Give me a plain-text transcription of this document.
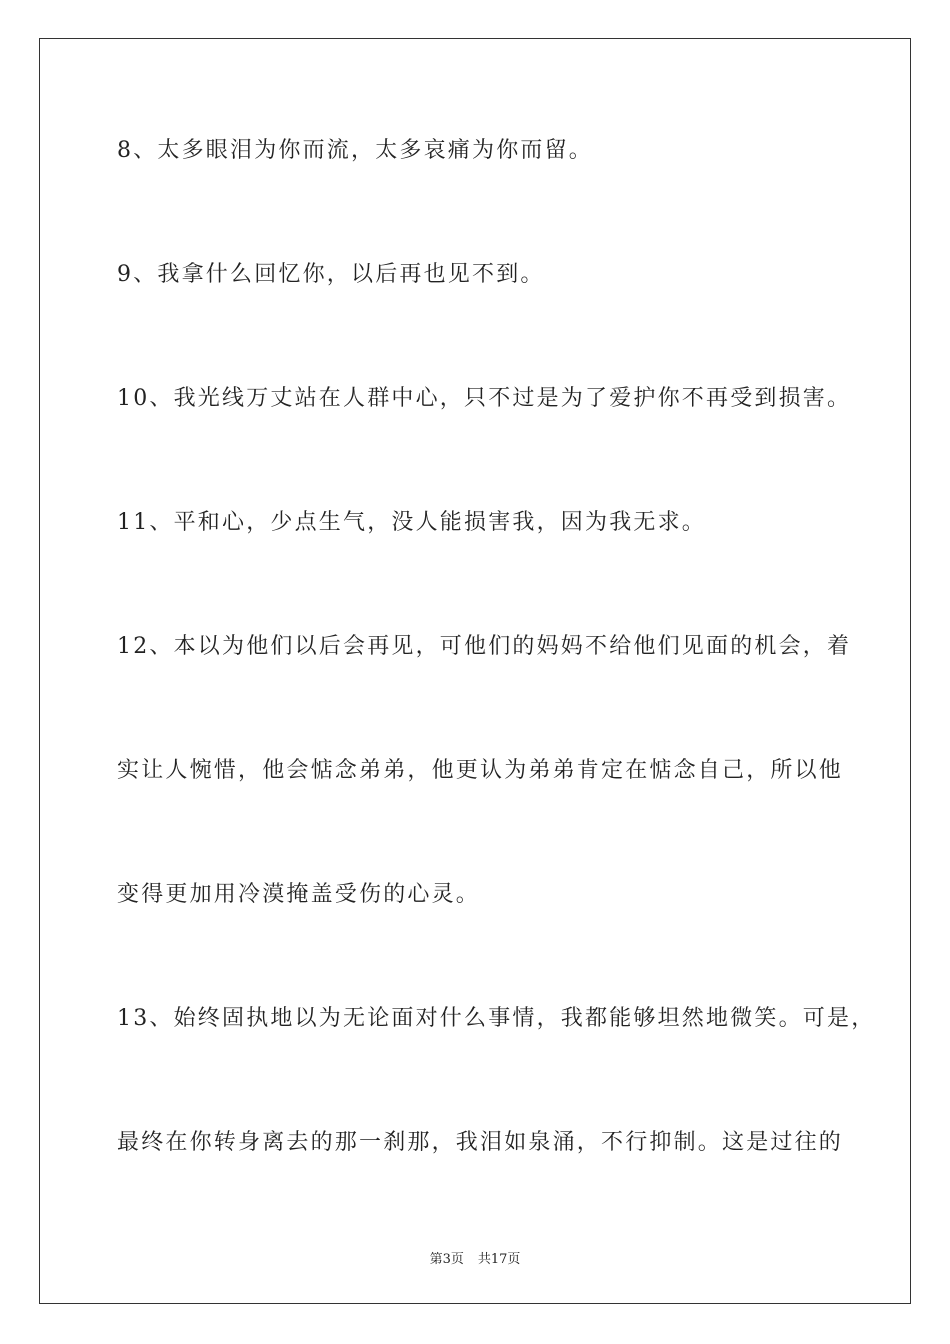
8、太多眼泪为你而流，太多哀痛为你而留。
9、我拿什么回忆你，以后再也见不到。
10、我光线万丈站在人群中心，只不过是为了爱护你不再受到损害。
11、平和心，少点生气，没人能损害我，因为我无求。
12、本以为他们以后会再见，可他们的妈妈不给他们见面的机会，着
实让人惋惜，他会惦念弟弟，他更认为弟弟肯定在惦念自己，所以他
变得更加用冷漠掩盖受伤的心灵。
13、始终固执地以为无论面对什么事情，我都能够坦然地微笑。可是，
最终在你转身离去的那一刹那，我泪如泉涌，不行抑制。这是过往的
第3页 共17页
